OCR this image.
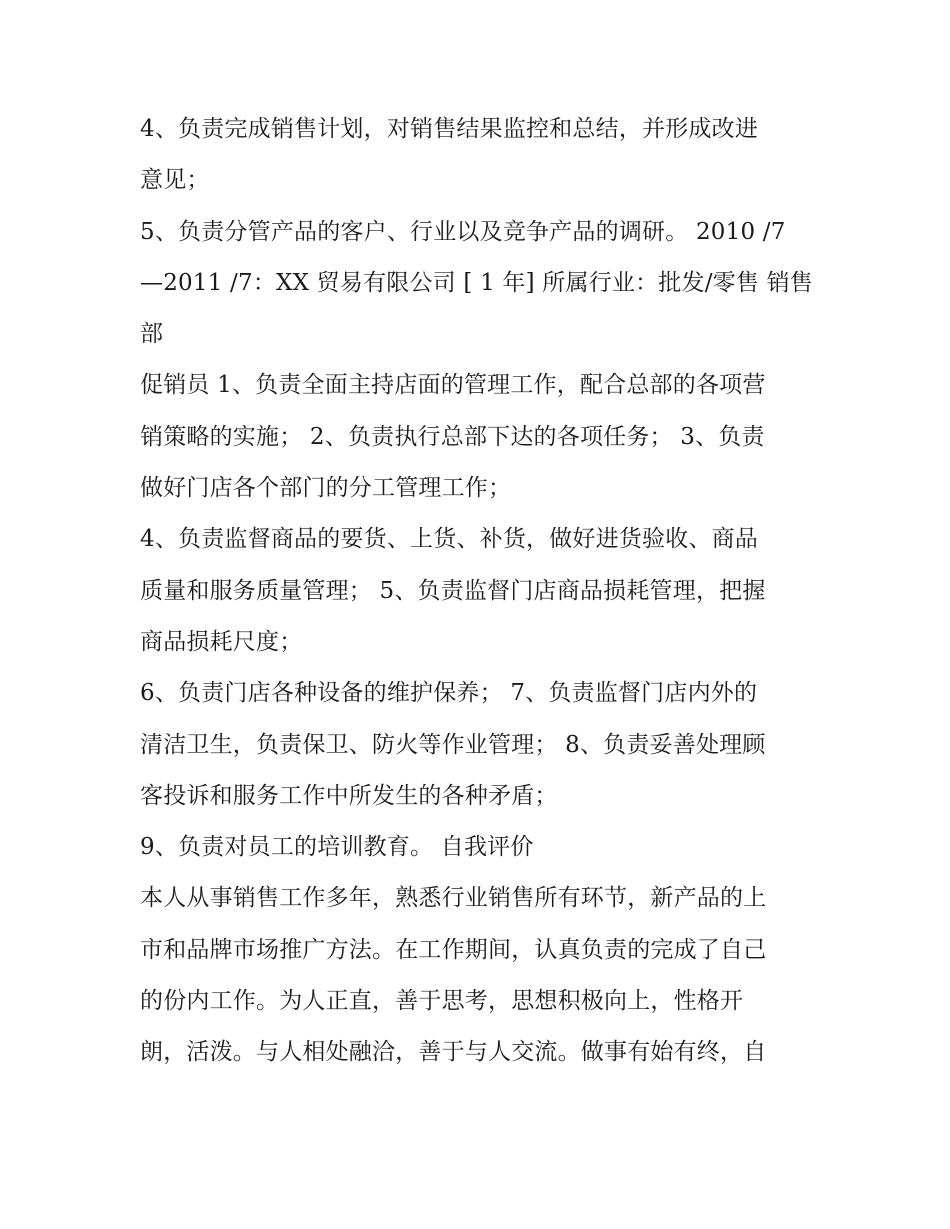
4、负责完成销售计划，对销售结果监控和总结，并形成改进
意见；
5、负责分管产品的客户、行业以及竞争产品的调研。 2010 /7
—2011 /7：XX 贸易有限公司 [ 1 年] 所属行业：批发/零售 销售
部
促销员 1、负责全面主持店面的管理工作，配合总部的各项营
销策略的实施； 2、负责执行总部下达的各项任务； 3、负责
做好门店各个部门的分工管理工作；
4、负责监督商品的要货、上货、补货，做好进货验收、商品
质量和服务质量管理； 5、负责监督门店商品损耗管理，把握
商品损耗尺度；
6、负责门店各种设备的维护保养； 7、负责监督门店内外的
清洁卫生，负责保卫、防火等作业管理； 8、负责妥善处理顾
客投诉和服务工作中所发生的各种矛盾；
9、负责对员工的培训教育。 自我评价
本人从事销售工作多年，熟悉行业销售所有环节，新产品的上
市和品牌市场推广方法。在工作期间，认真负责的完成了自己
的份内工作。为人正直，善于思考，思想积极向上，性格开
朗，活泼。与人相处融洽，善于与人交流。做事有始有终，自
